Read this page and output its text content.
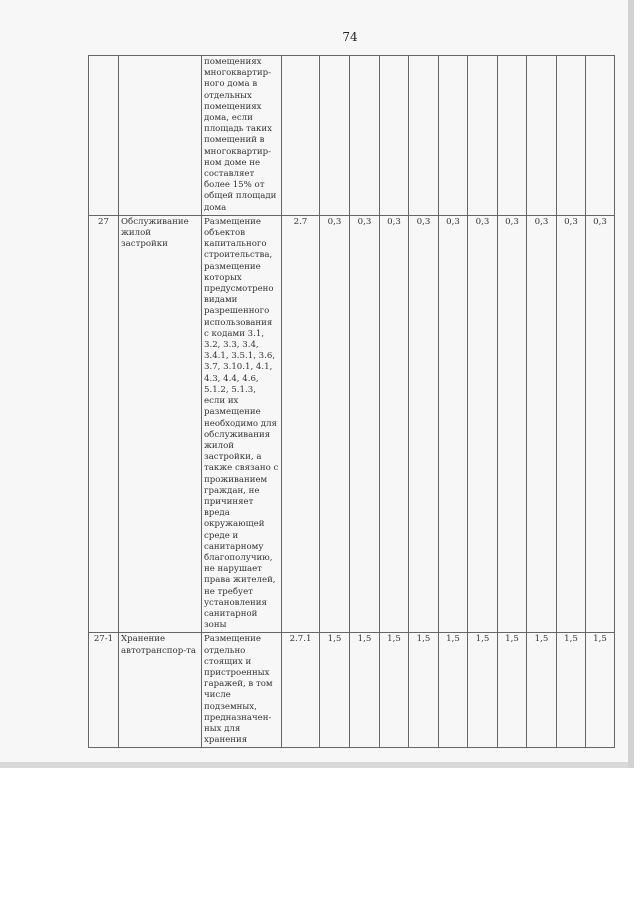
74
		помещениях многоквартир-ного дома в отдельных помещениях дома, если площадь таких помещений в многоквартир-ном доме не составляет более 15% от общей площади дома											
27	Обслуживание жилой застройки	Размещение объектов капитального строительства, размещение которых предусмотрено видами разрешенного использования с кодами 3.1, 3.2, 3.3, 3.4, 3.4.1, 3.5.1, 3.6, 3.7, 3.10.1, 4.1, 4.3, 4.4, 4.6, 5.1.2, 5.1.3, если их размещение необходимо для обслуживания жилой застройки, а также связано с проживанием граждан, не причиняет вреда окружающей среде и санитарному благополучию, не нарушает права жителей, не требует установления санитарной зоны	2.7	0,3	0,3	0,3	0,3	0,3	0,3	0,3	0,3	0,3	0,3
27-1	Хранение автотранспор-та	Размещение отдельно стоящих и пристроенных гаражей, в том числе подземных, предназначен-ных для хранения	2.7.1	1,5	1,5	1,5	1,5	1,5	1,5	1,5	1,5	1,5	1,5
